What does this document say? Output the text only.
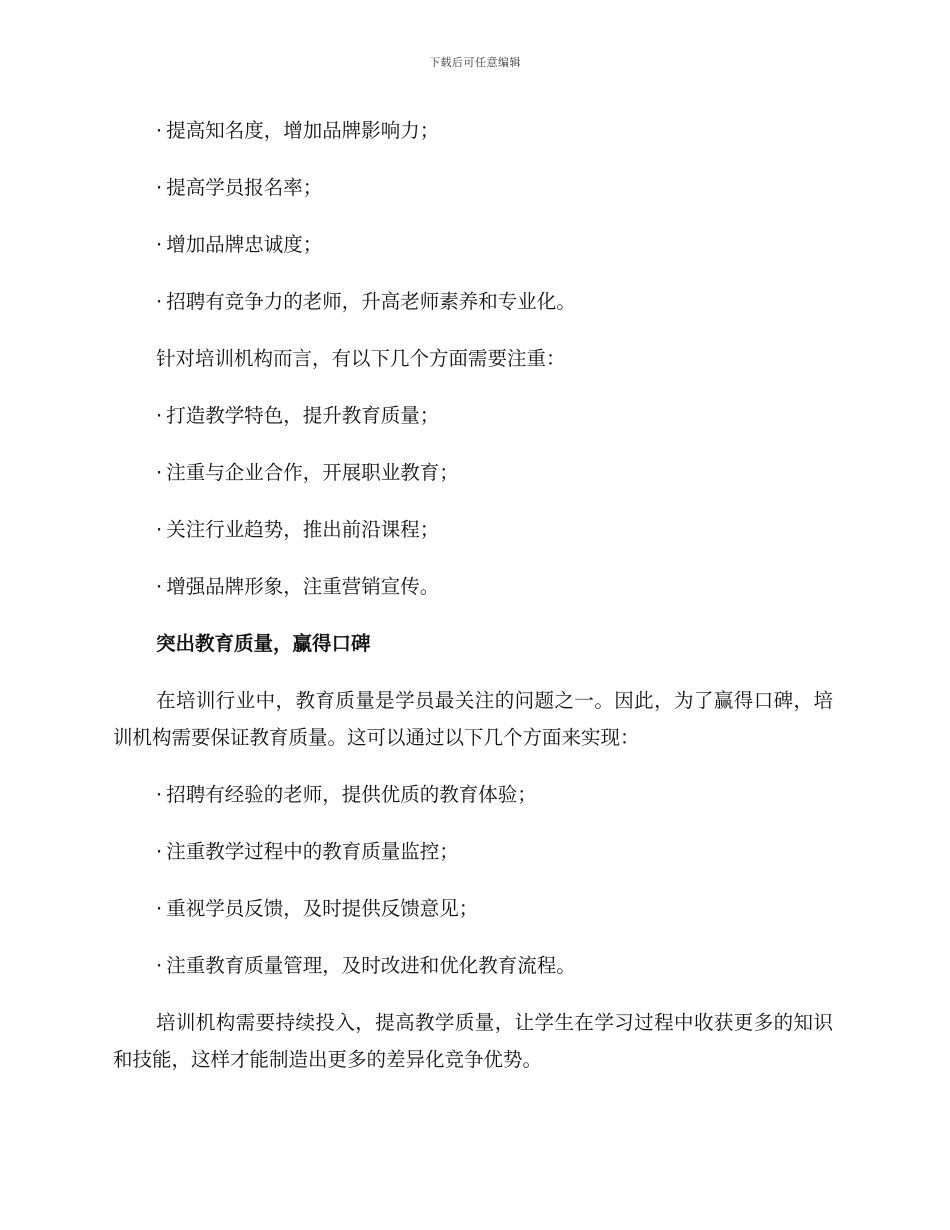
下载后可任意编辑
· 提高知名度，增加品牌影响力；
· 提高学员报名率；
· 增加品牌忠诚度；
· 招聘有竞争力的老师，升高老师素养和专业化。

针对培训机构而言，有以下几个方面需要注重：

· 打造教学特色，提升教育质量；
· 注重与企业合作，开展职业教育；
· 关注行业趋势，推出前沿课程；
· 增强品牌形象，注重营销宣传。
突出教育质量，赢得口碑

在培训行业中，教育质量是学员最关注的问题之一。因此，为了赢得口碑，培训机构需要保证教育质量。这可以通过以下几个方面来实现：

· 招聘有经验的老师，提供优质的教育体验；
· 注重教学过程中的教育质量监控；
· 重视学员反馈，及时提供反馈意见；
· 注重教育质量管理，及时改进和优化教育流程。

培训机构需要持续投入，提高教学质量，让学生在学习过程中收获更多的知识和技能，这样才能制造出更多的差异化竞争优势。
